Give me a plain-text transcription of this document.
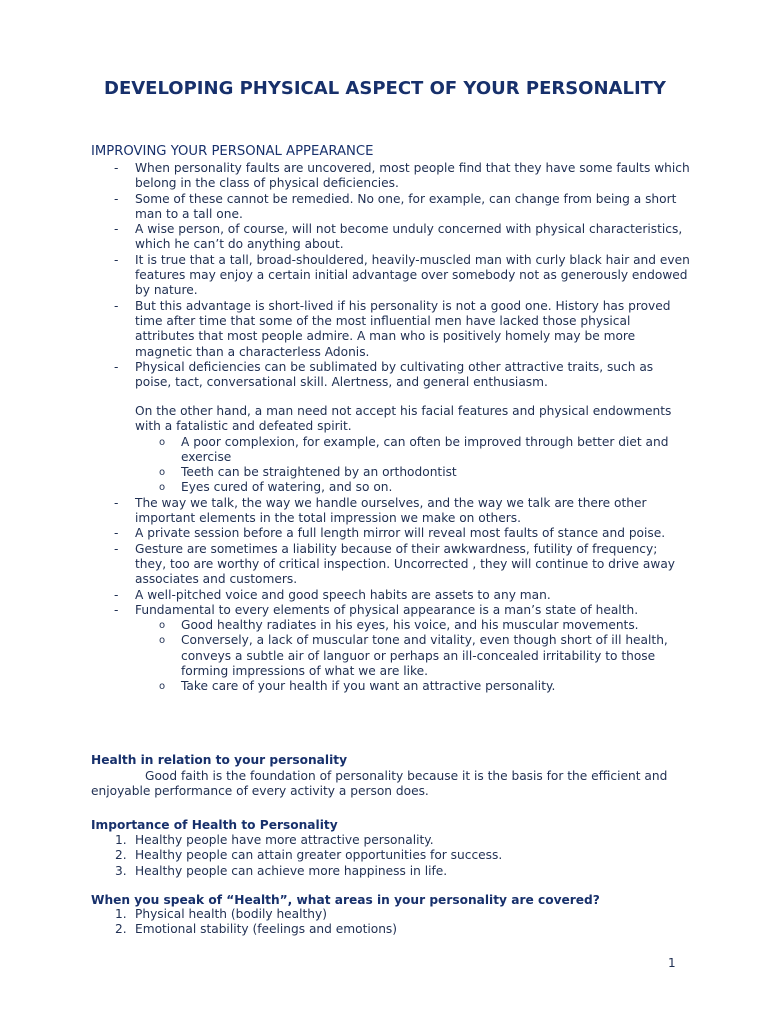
DEVELOPING PHYSICAL ASPECT OF YOUR PERSONALITY
IMPROVING YOUR PERSONAL APPEARANCE
- When personality faults are uncovered, most people find that they have some faults which belong in the class of physical deficiencies.
- Some of these cannot be remedied. No one, for example, can change from being a short man to a tall one.
- A wise person, of course, will not become unduly concerned with physical characteristics, which he can’t do anything about.
- It is true that a tall, broad-shouldered, heavily-muscled man with curly black hair and even features may enjoy a certain initial advantage over somebody not as generously endowed by nature.
- But this advantage is short-lived if his personality is not a good one. History has proved time after time that some of the most influential men have lacked those physical attributes that most people admire. A man who is positively homely may be more magnetic than a characterless Adonis.
- Physical deficiencies can be sublimated by cultivating other attractive traits, such as poise, tact, conversational skill. Alertness, and general enthusiasm.

On the other hand, a man need not accept his facial features and physical endowments with a fatalistic and defeated spirit.

o A poor complexion, for example, can often be improved through better diet and exercise
o Teeth can be straightened by an orthodontist
o Eyes cured of watering, and so on.
- The way we talk, the way we handle ourselves, and the way we talk are there other important elements in the total impression we make on others.
- A private session before a full length mirror will reveal most faults of stance and poise.
- Gesture are sometimes a liability because of their awkwardness, futility of frequency; they, too are worthy of critical inspection. Uncorrected , they will continue to drive away associates and customers.
- A well-pitched voice and good speech habits are assets to any man.
- Fundamental to every elements of physical appearance is a man’s state of health.
o Good healthy radiates in his eyes, his voice, and his muscular movements.
o Conversely, a lack of muscular tone and vitality, even though short of ill health, conveys a subtle air of languor or perhaps an ill-concealed irritability to those forming impressions of what we are like.
o Take care of your health if you want an attractive personality.
Health in relation to your personality

Good faith is the foundation of personality because it is the basis for the efficient and enjoyable performance of every activity a person does.

Importance of Health to Personality
1. Healthy people have more attractive personality.
2. Healthy people can attain greater opportunities for success.
3. Healthy people can achieve more happiness in life.
When you speak of “Health”, what areas in your personality are covered?
1. Physical health (bodily healthy)
2. Emotional stability (feelings and emotions)
1
